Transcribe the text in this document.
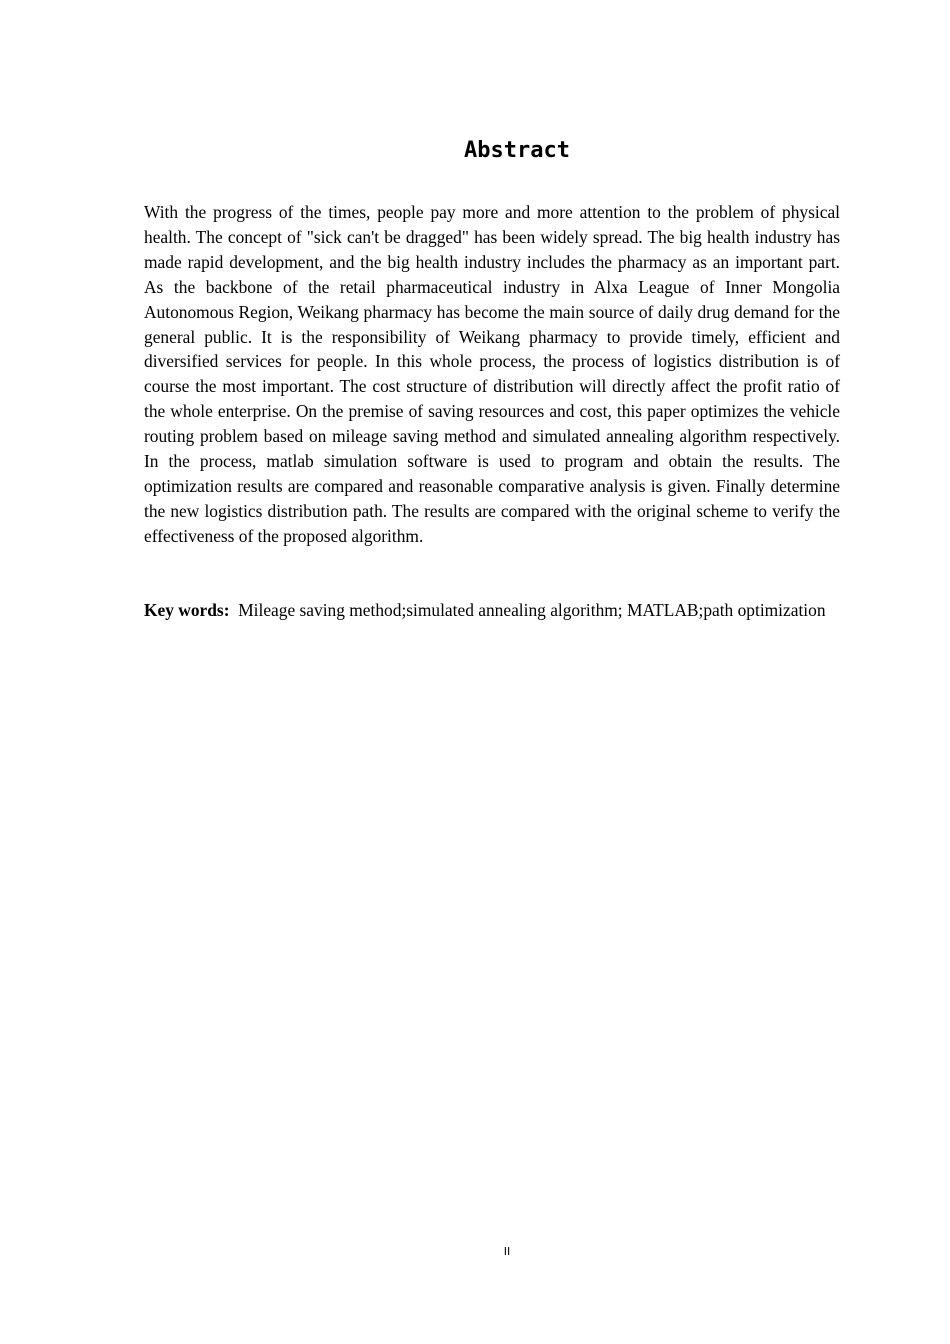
Abstract

With the progress of the times, people pay more and more attention to the problem of physical health. The concept of "sick can't be dragged" has been widely spread. The big health industry has made rapid development, and the big health industry includes the pharmacy as an important part. As the backbone of the retail pharmaceutical industry in Alxa League of Inner Mongolia Autonomous Region, Weikang pharmacy has become the main source of daily drug demand for the general public. It is the responsibility of Weikang pharmacy to provide timely, efficient and diversified services for people. In this whole process, the process of logistics distribution is of course the most important. The cost structure of distribution will directly affect the profit ratio of the whole enterprise. On the premise of saving resources and cost, this paper optimizes the vehicle routing problem based on mileage saving method and simulated annealing algorithm respectively. In the process, matlab simulation software is used to program and obtain the results. The optimization results are compared and reasonable comparative analysis is given. Finally determine the new logistics distribution path. The results are compared with the original scheme to verify the effectiveness of the proposed algorithm.

Key words: Mileage saving method;simulated annealing algorithm; MATLAB;path optimization

II
